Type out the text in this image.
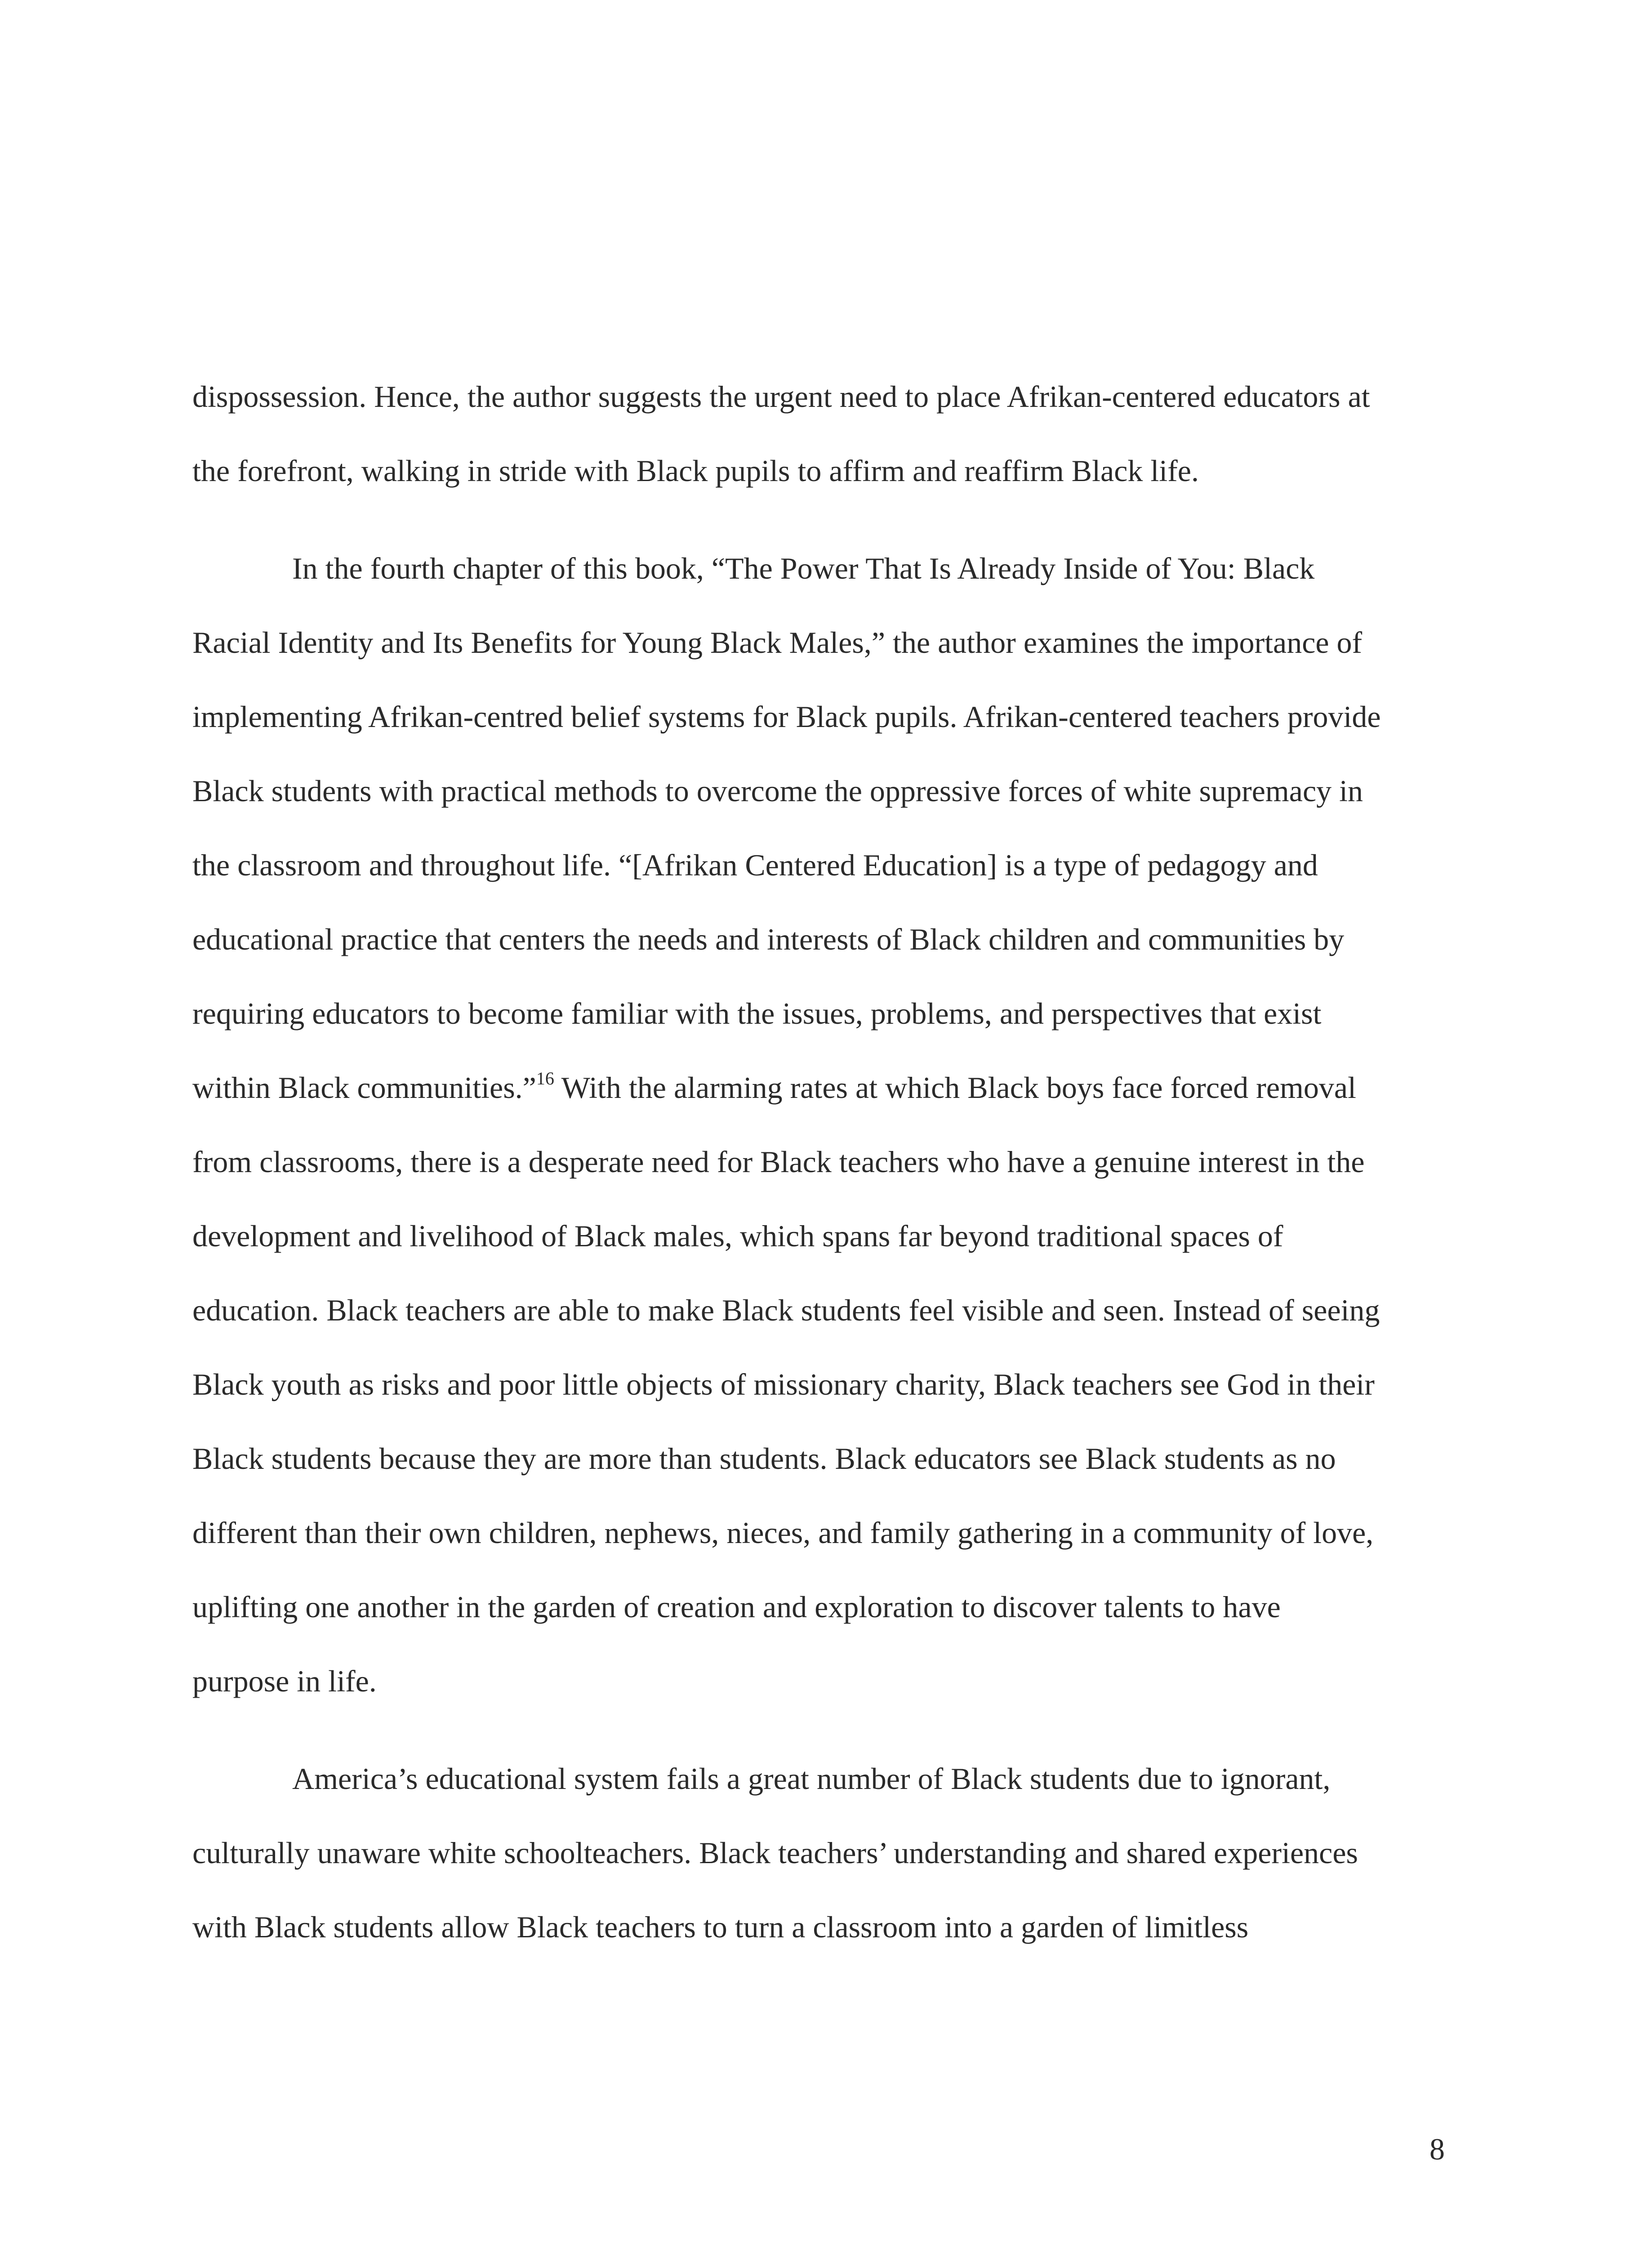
dispossession. Hence, the author suggests the urgent need to place Afrikan-centered educators at
the forefront, walking in stride with Black pupils to affirm and reaffirm Black life.
In the fourth chapter of this book, “The Power That Is Already Inside of You: Black
Racial Identity and Its Benefits for Young Black Males,” the author examines the importance of
implementing Afrikan-centred belief systems for Black pupils. Afrikan-centered teachers provide
Black students with practical methods to overcome the oppressive forces of white supremacy in
the classroom and throughout life. “[Afrikan Centered Education] is a type of pedagogy and
educational practice that centers the needs and interests of Black children and communities by
requiring educators to become familiar with the issues, problems, and perspectives that exist
within Black communities.”$^{16}$ With the alarming rates at which Black boys face forced removal
from classrooms, there is a desperate need for Black teachers who have a genuine interest in the
development and livelihood of Black males, which spans far beyond traditional spaces of
education. Black teachers are able to make Black students feel visible and seen. Instead of seeing
Black youth as risks and poor little objects of missionary charity, Black teachers see God in their
Black students because they are more than students. Black educators see Black students as no
different than their own children, nephews, nieces, and family gathering in a community of love,
uplifting one another in the garden of creation and exploration to discover talents to have
purpose in life.
America’s educational system fails a great number of Black students due to ignorant,
culturally unaware white schoolteachers. Black teachers’ understanding and shared experiences
with Black students allow Black teachers to turn a classroom into a garden of limitless
8
